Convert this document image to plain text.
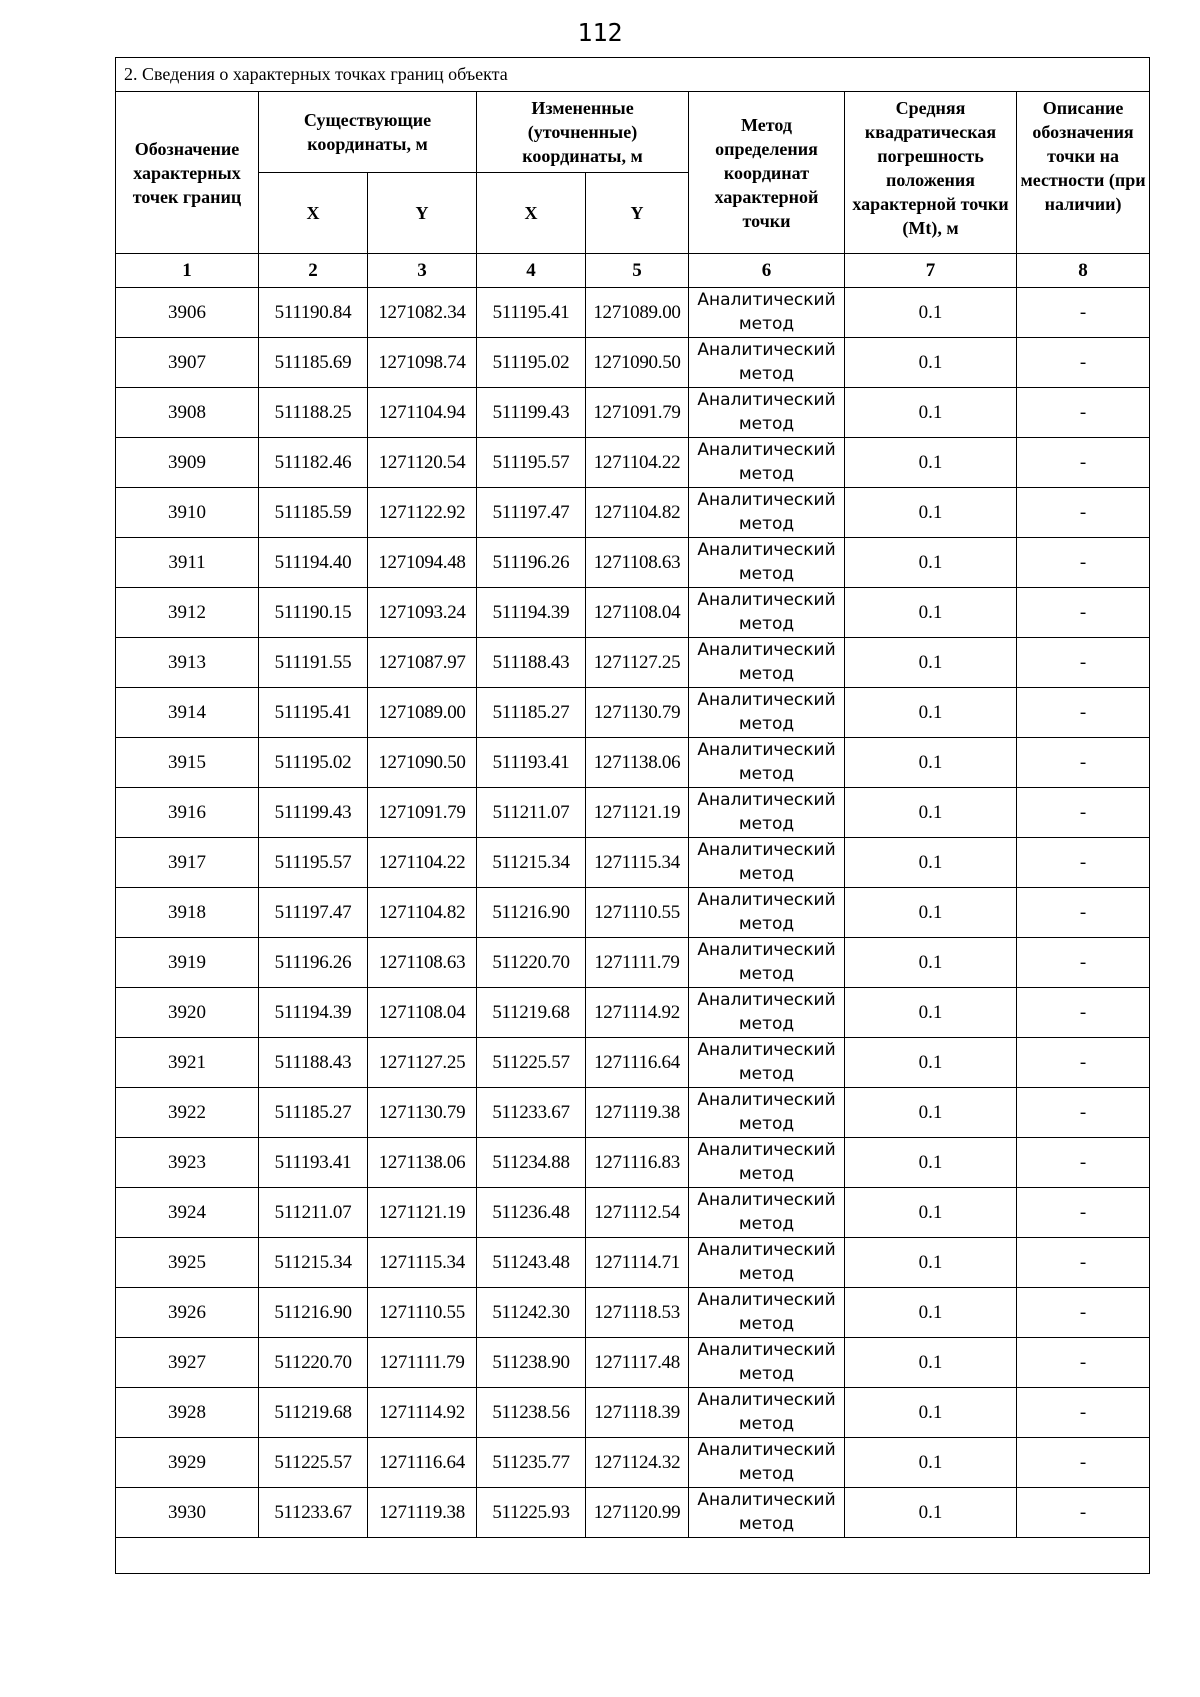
112
2. Сведения о характерных точках границ объекта							
Обозначение характерных точек границ	Существующие координаты, м		Измененные (уточненные) координаты, м		Метод определения координат характерной точки	Средняя квадратическая погрешность положения характерной точки (Mt), м	Описание обозначения точки на местности (при наличии)
	X	Y	X	Y			
1	2	3	4	5	6	7	8
3906	511190.84	1271082.34	511195.41	1271089.00	Аналитический метод	0.1	-
3907	511185.69	1271098.74	511195.02	1271090.50	Аналитический метод	0.1	-
3908	511188.25	1271104.94	511199.43	1271091.79	Аналитический метод	0.1	-
3909	511182.46	1271120.54	511195.57	1271104.22	Аналитический метод	0.1	-
3910	511185.59	1271122.92	511197.47	1271104.82	Аналитический метод	0.1	-
3911	511194.40	1271094.48	511196.26	1271108.63	Аналитический метод	0.1	-
3912	511190.15	1271093.24	511194.39	1271108.04	Аналитический метод	0.1	-
3913	511191.55	1271087.97	511188.43	1271127.25	Аналитический метод	0.1	-
3914	511195.41	1271089.00	511185.27	1271130.79	Аналитический метод	0.1	-
3915	511195.02	1271090.50	511193.41	1271138.06	Аналитический метод	0.1	-
3916	511199.43	1271091.79	511211.07	1271121.19	Аналитический метод	0.1	-
3917	511195.57	1271104.22	511215.34	1271115.34	Аналитический метод	0.1	-
3918	511197.47	1271104.82	511216.90	1271110.55	Аналитический метод	0.1	-
3919	511196.26	1271108.63	511220.70	1271111.79	Аналитический метод	0.1	-
3920	511194.39	1271108.04	511219.68	1271114.92	Аналитический метод	0.1	-
3921	511188.43	1271127.25	511225.57	1271116.64	Аналитический метод	0.1	-
3922	511185.27	1271130.79	511233.67	1271119.38	Аналитический метод	0.1	-
3923	511193.41	1271138.06	511234.88	1271116.83	Аналитический метод	0.1	-
3924	511211.07	1271121.19	511236.48	1271112.54	Аналитический метод	0.1	-
3925	511215.34	1271115.34	511243.48	1271114.71	Аналитический метод	0.1	-
3926	511216.90	1271110.55	511242.30	1271118.53	Аналитический метод	0.1	-
3927	511220.70	1271111.79	511238.90	1271117.48	Аналитический метод	0.1	-
3928	511219.68	1271114.92	511238.56	1271118.39	Аналитический метод	0.1	-
3929	511225.57	1271116.64	511235.77	1271124.32	Аналитический метод	0.1	-
3930	511233.67	1271119.38	511225.93	1271120.99	Аналитический метод	0.1	-
